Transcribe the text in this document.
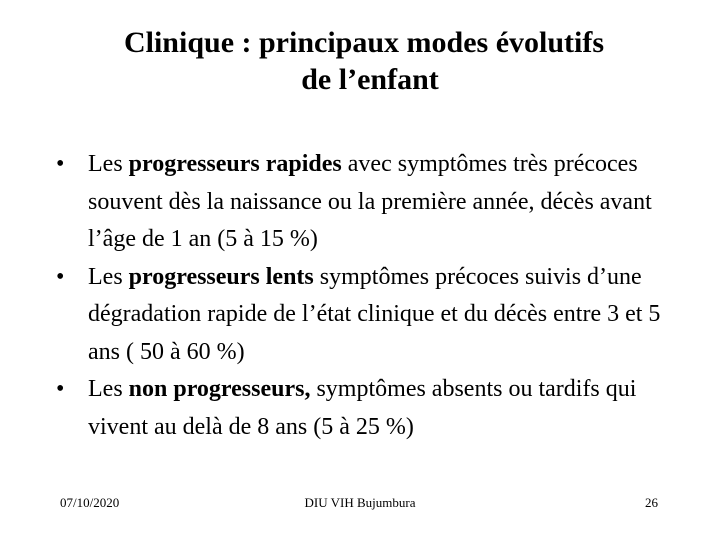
Clinique : principaux modes évolutifs
de l’enfant
• Les progresseurs rapides avec symptômes très précoces souvent dès la naissance ou la première année, décès avant l’âge de 1 an (5 à 15 %)
• Les progresseurs lents symptômes précoces suivis d’une dégradation rapide de l’état clinique et du décès entre 3 et 5 ans ( 50 à 60 %)
• Les non progresseurs, symptômes absents ou tardifs qui vivent au delà de 8 ans (5 à 25 %)
07/10/2020	DIU VIH Bujumbura	26
